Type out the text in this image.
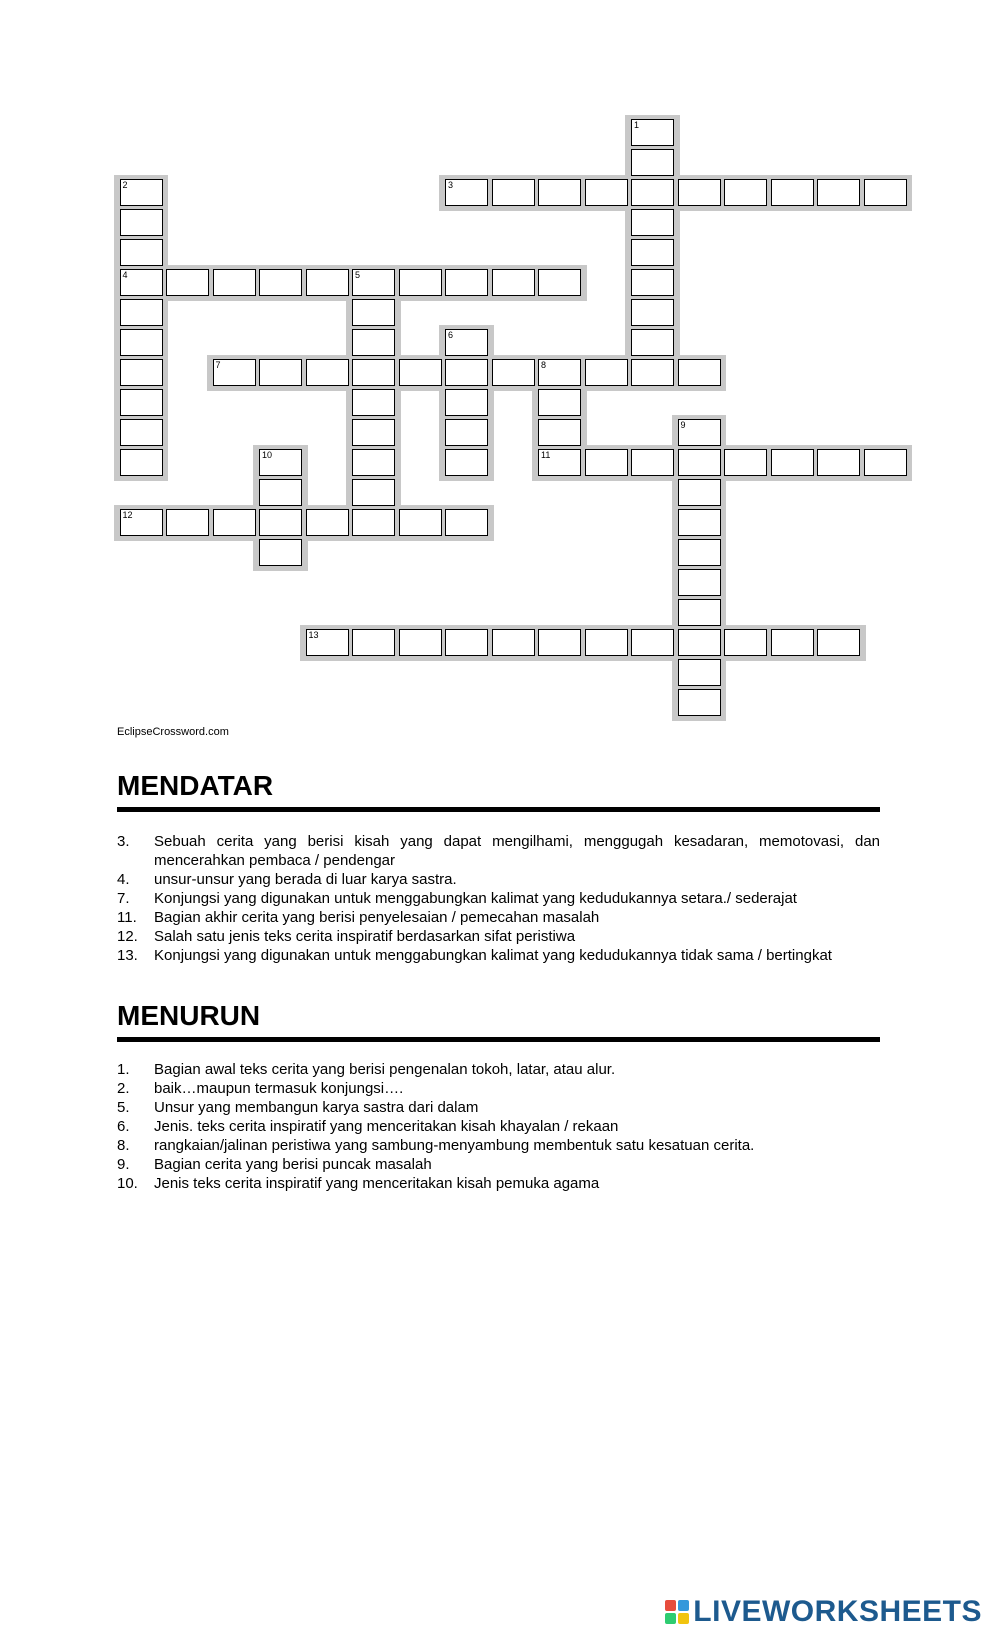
1
2
4
3
5
6
7	8
11
9
10
12
13
EclipseCrossword.com
MENDATAR
3.	Sebuah cerita yang berisi kisah yang dapat mengilhami, menggugah kesadaran, memotovasi, dan mencerahkan pembaca / pendengar
4.	unsur-unsur yang berada di luar karya sastra.
7.	Konjungsi yang digunakan untuk menggabungkan kalimat yang kedudukannya setara./ sederajat
11.	Bagian akhir cerita yang berisi penyelesaian / pemecahan masalah
12.	Salah satu jenis teks cerita inspiratif berdasarkan sifat peristiwa
13.	Konjungsi yang digunakan untuk menggabungkan kalimat yang kedudukannya tidak sama / bertingkat
MENURUN
1.	Bagian awal teks cerita yang berisi pengenalan tokoh, latar, atau alur.
2.	baik…maupun termasuk konjungsi….
5.	Unsur yang membangun karya sastra dari dalam
6.	Jenis. teks cerita inspiratif yang menceritakan kisah khayalan / rekaan
8.	rangkaian/jalinan peristiwa yang sambung-menyambung membentuk satu kesatuan cerita.
9.	Bagian cerita yang berisi puncak masalah
10.	Jenis teks cerita inspiratif yang menceritakan kisah pemuka agama
LIVEWORKSHEETS
